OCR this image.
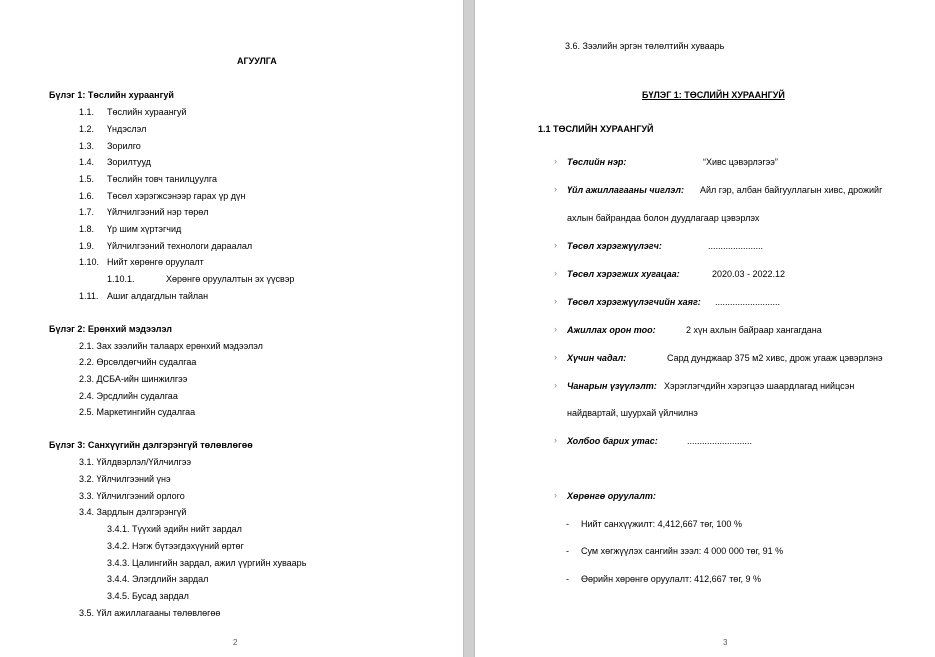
АГУУЛГА
Бүлэг 1: Төслийн хураангуй
1.1. Төслийн хураангуй
1.2. Үндэслэл
1.3. Зорилго
1.4. Зорилтууд
1.5. Төслийн товч танилцуулга
1.6. Төсөл хэрэгжсэнээр гарах үр дүн
1.7. Үйлчилгээний нэр төрөл
1.8. Үр шим хүртэгчид
1.9. Үйлчилгээний технологи дараалал
1.10. Нийт хөрөнгө оруулалт
1.10.1.	Хөрөнгө оруулалтын эх үүсвэр
1.11. Ашиг алдагдлын тайлан
Бүлэг 2: Ерөнхий мэдээлэл
2.1. Зах зээлийн талаарх ерөнхий мэдээлэл
2.2. Өрсөлдөгчийн судалгаа
2.3. ДСБА-ийн шинжилгээ
2.4. Эрсдлийн судалгаа
2.5. Маркетингийн судалгаа
Бүлэг 3: Санхүүгийн дэлгэрэнгүй төлөвлөгөө
3.1. Үйлдвэрлэл/Үйлчилгээ
3.2. Үйлчилгээний үнэ
3.3. Үйлчилгээний орлого
3.4. Зардлын дэлгэрэнгүй
3.4.1. Түүхий эдийн нийт зардал
3.4.2. Нэгж бүтээгдэхүүний өртөг
3.4.3. Цалингийн зардал, ажил үүргийн хуваарь
3.4.4. Элэгдлийн зардал
3.4.5. Бусад зардал
3.5. Үйл ажиллагааны төлөвлөгөө
2
3.6. Зээлийн эргэн төлөлтийн хуваарь
БҮЛЭГ 1: ТӨСЛИЙН ХУРААНГУЙ
1.1 ТӨСЛИЙН ХУРААНГУЙ
› Төслийн нэр:	“Хивс цэвэрлэгээ”
› Үйл ажиллагааны чиглэл: Айл гэр, албан байгууллагын хивс, дрожийг
ахлын байрандаа болон дуудлагаар цэвэрлэх
› Төсөл хэрэгжүүлэгч:	......................
› Төсөл хэрэгжих хугацаа:	2020.03 - 2022.12
› Төсөл хэрэгжүүлэгчийн хаяг: ..........................
› Ажиллах орон тоо:	2 хүн ахлын байраар хангагдана
› Хүчин чадал:	Сард дунджаар 375 м2 хивс, дрож угааж цэвэрлэнэ
› Чанарын үзүүлэлт: Хэрэглэгчдийн хэрэгцээ шаардлагад нийцсэн
найдвартай, шуурхай үйлчилнэ
› Холбоо барих утас:	..........................
› Хөрөнгө оруулалт:
- Нийт санхүүжилт: 4,412,667 төг, 100 %
- Сум хөгжүүлэх сангийн зээл: 4 000 000 төг, 91 %
- Өөрийн хөрөнгө оруулалт: 412,667 төг, 9 %
3
